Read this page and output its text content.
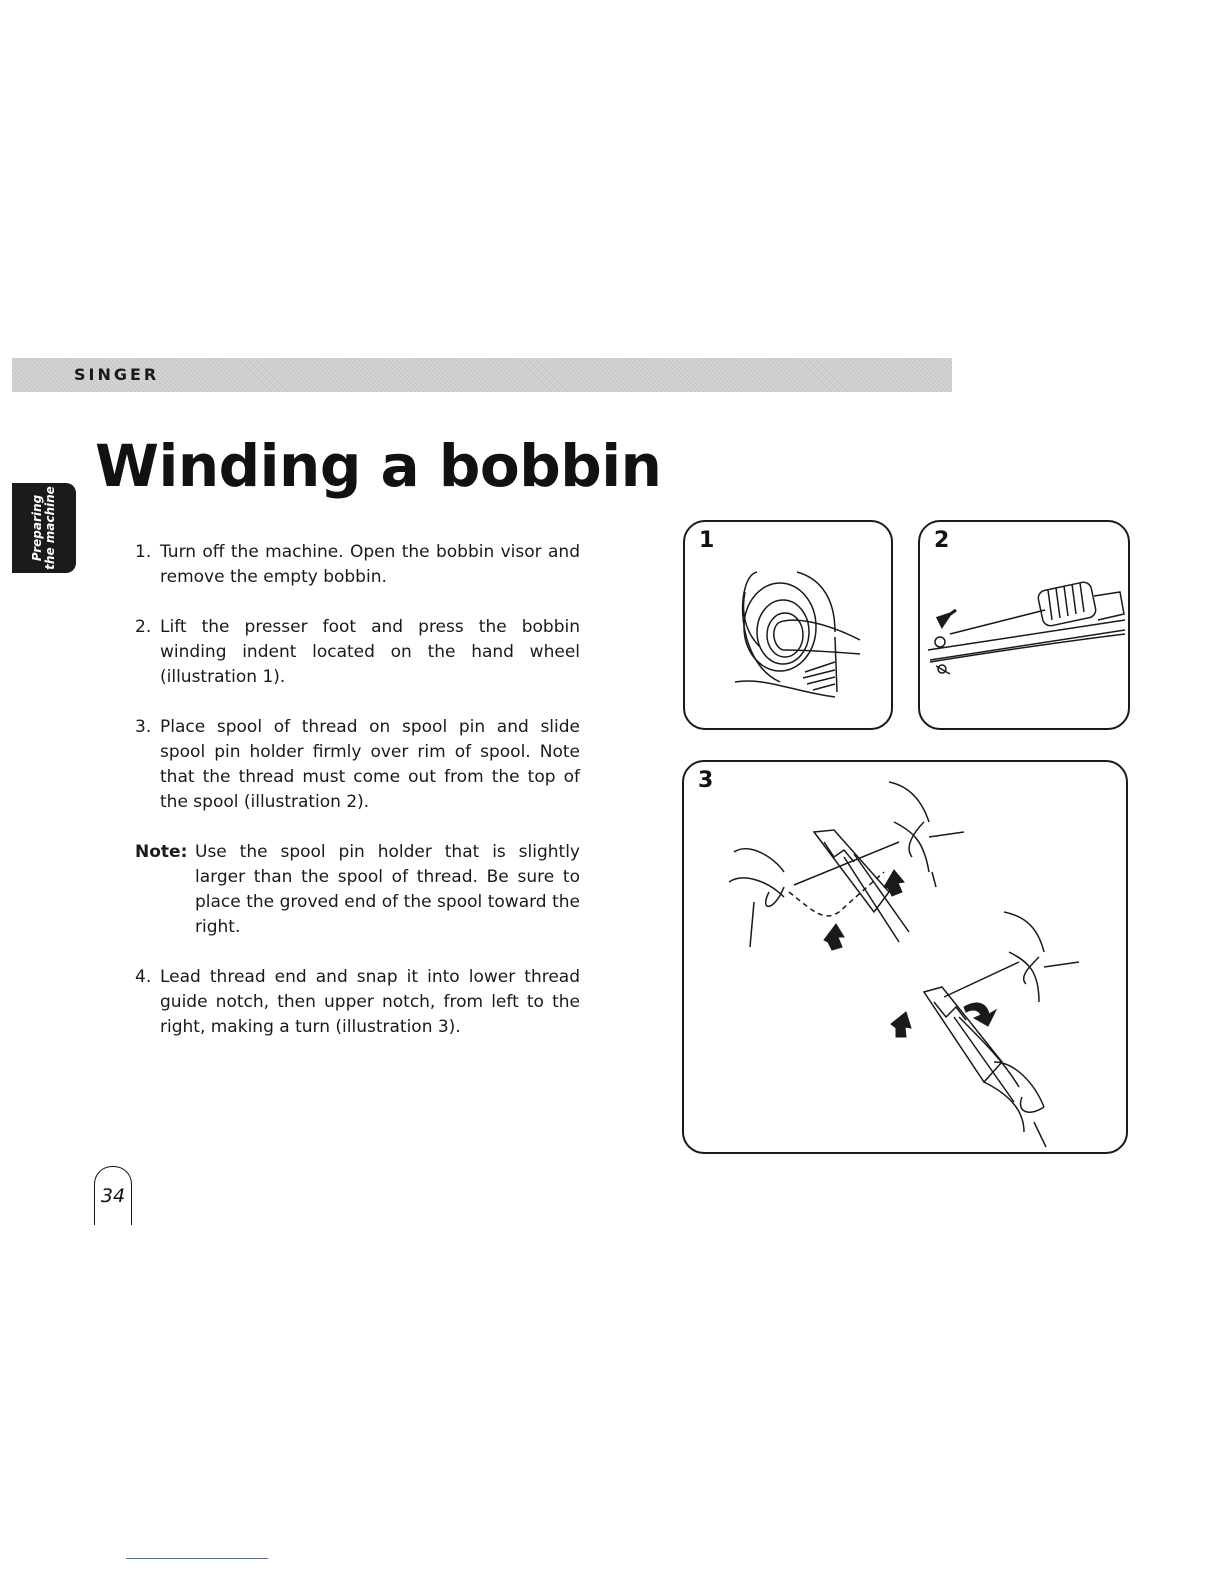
SINGER
Preparing the machine
Winding a bobbin
1. Turn off the machine. Open the bobbin visor and remove the empty bobbin.
2. Lift the presser foot and press the bobbin winding indent located on the hand wheel (illustration 1).
3. Place spool of thread on spool pin and slide spool pin holder firmly over rim of spool. Note that the thread must come out from the top of the spool (illustration 2).
Note: Use the spool pin holder that is slightly larger than the spool of thread. Be sure to place the groved end of the spool toward the right.
4. Lead thread end and snap it into lower thread guide notch, then upper notch, from left to the right, making a turn (illustration 3).
1	2
3
34
